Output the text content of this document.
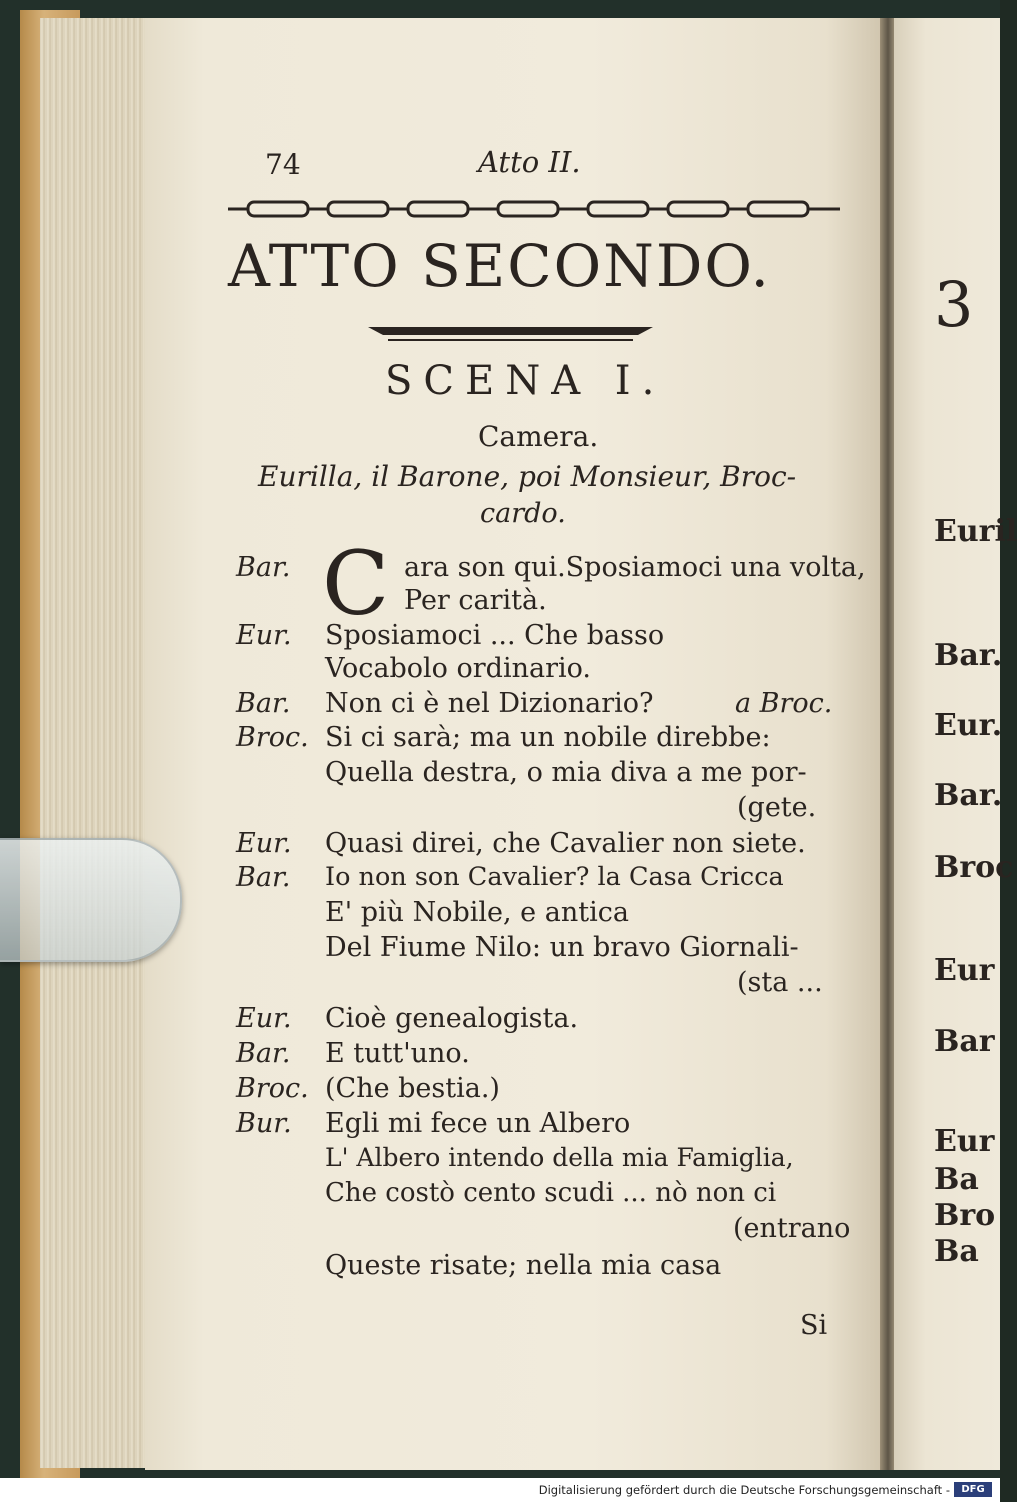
3
Euril
Bar.
Eur.
Bar.
Broc
Eur
Bar
Eur
Ba
Bro
Ba
74	Atto II.
ATTO SECONDO.
SCENA I.
Camera.
Eurilla, il Barone, poi Monsieur, Broc-
cardo.
C
Bar.	ara son qui.Sposiamoci una volta,
Per carità.
Eur. Sposiamoci ... Che basso
Vocabolo ordinario.
Bar. Non ci è nel Dizionario?	a Broc.
Broc. Si ci sarà; ma un nobile direbbe:
Quella destra, o mia diva a me por-
(gete.
Eur. Quasi direi, che Cavalier non siete.
Bar. Io non son Cavalier? la Casa Cricca
E' più Nobile, e antica
Del Fiume Nilo: un bravo Giornali-
(sta ...
Eur. Cioè genealogista.
Bar. E tutt'uno.
Broc. (Che bestia.)
Bur. Egli mi fece un Albero
L' Albero intendo della mia Famiglia,
Che costò cento scudi ... nò non ci
(entrano
Queste risate; nella mia casa
Si
Digitalisierung gefördert durch die Deutsche Forschungsgemeinschaft -	DFG
